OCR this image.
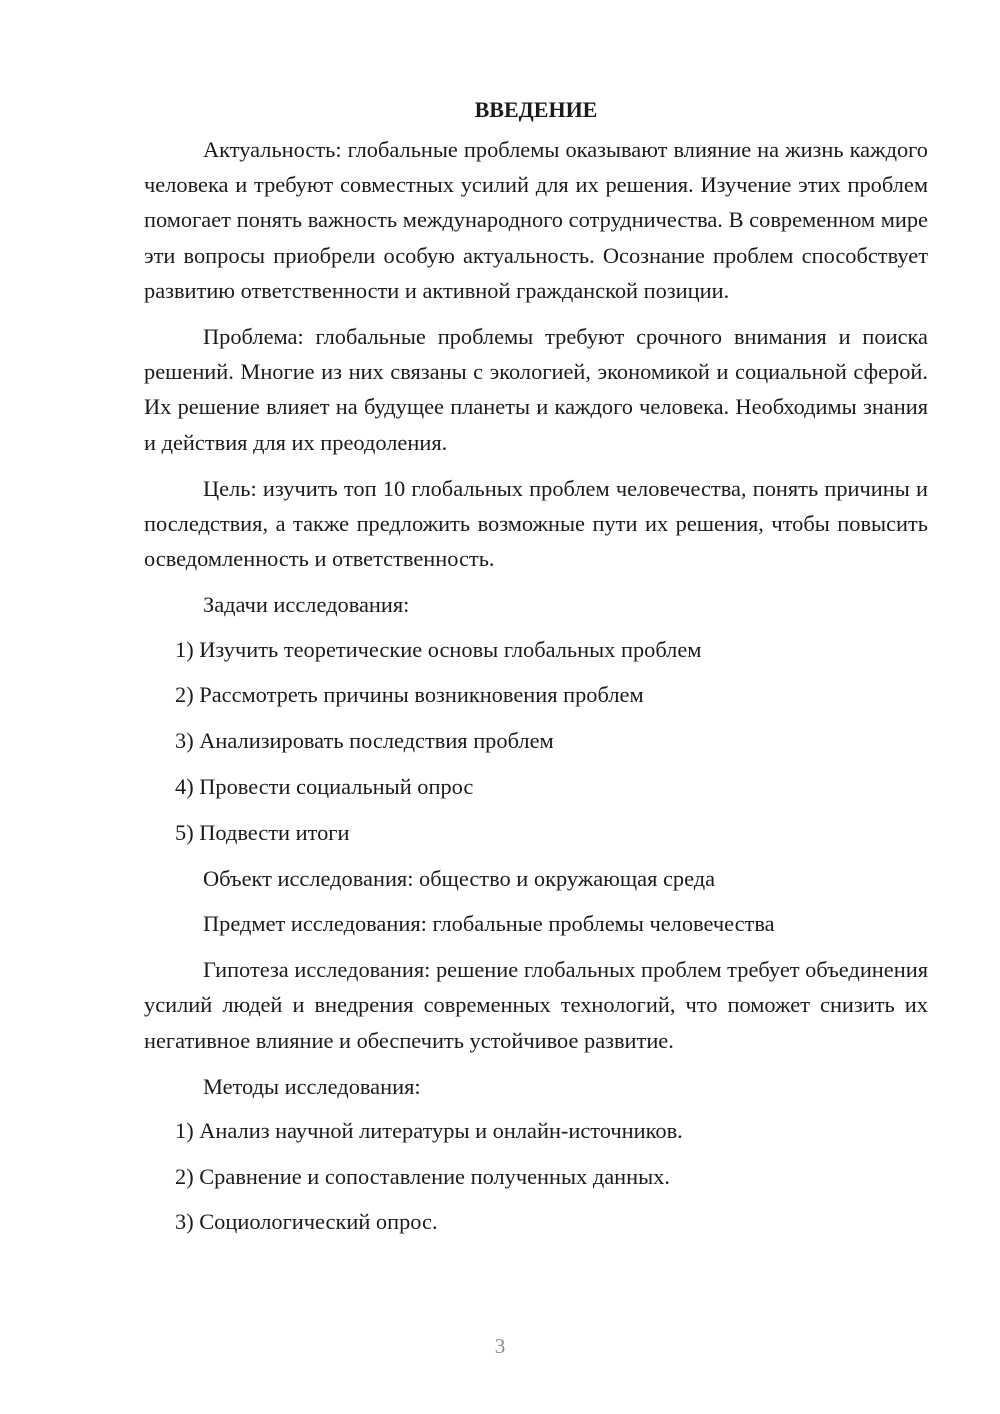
ВВЕДЕНИЕ

Актуальность: глобальные проблемы оказывают влияние на жизнь каждого человека и требуют совместных усилий для их решения. Изучение этих проблем помогает понять важность международного сотрудничества. В современном мире эти вопросы приобрели особую актуальность. Осознание проблем способствует развитию ответственности и активной гражданской позиции.

Проблема: глобальные проблемы требуют срочного внимания и поиска решений. Многие из них связаны с экологией, экономикой и социальной сферой. Их решение влияет на будущее планеты и каждого человека. Необходимы знания и действия для их преодоления.

Цель: изучить топ 10 глобальных проблем человечества, понять причины и последствия, а также предложить возможные пути их решения, чтобы повысить осведомленность и ответственность.

Задачи исследования:
1) Изучить теоретические основы глобальных проблем
2) Рассмотреть причины возникновения проблем
3) Анализировать последствия проблем
4) Провести социальный опрос
5) Подвести итоги
Объект исследования: общество и окружающая среда
Предмет исследования: глобальные проблемы человечества

Гипотеза исследования: решение глобальных проблем требует объединения усилий людей и внедрения современных технологий, что поможет снизить их негативное влияние и обеспечить устойчивое развитие.

Методы исследования:
1) Анализ научной литературы и онлайн-источников.
2) Сравнение и сопоставление полученных данных.
3) Социологический опрос.
3
